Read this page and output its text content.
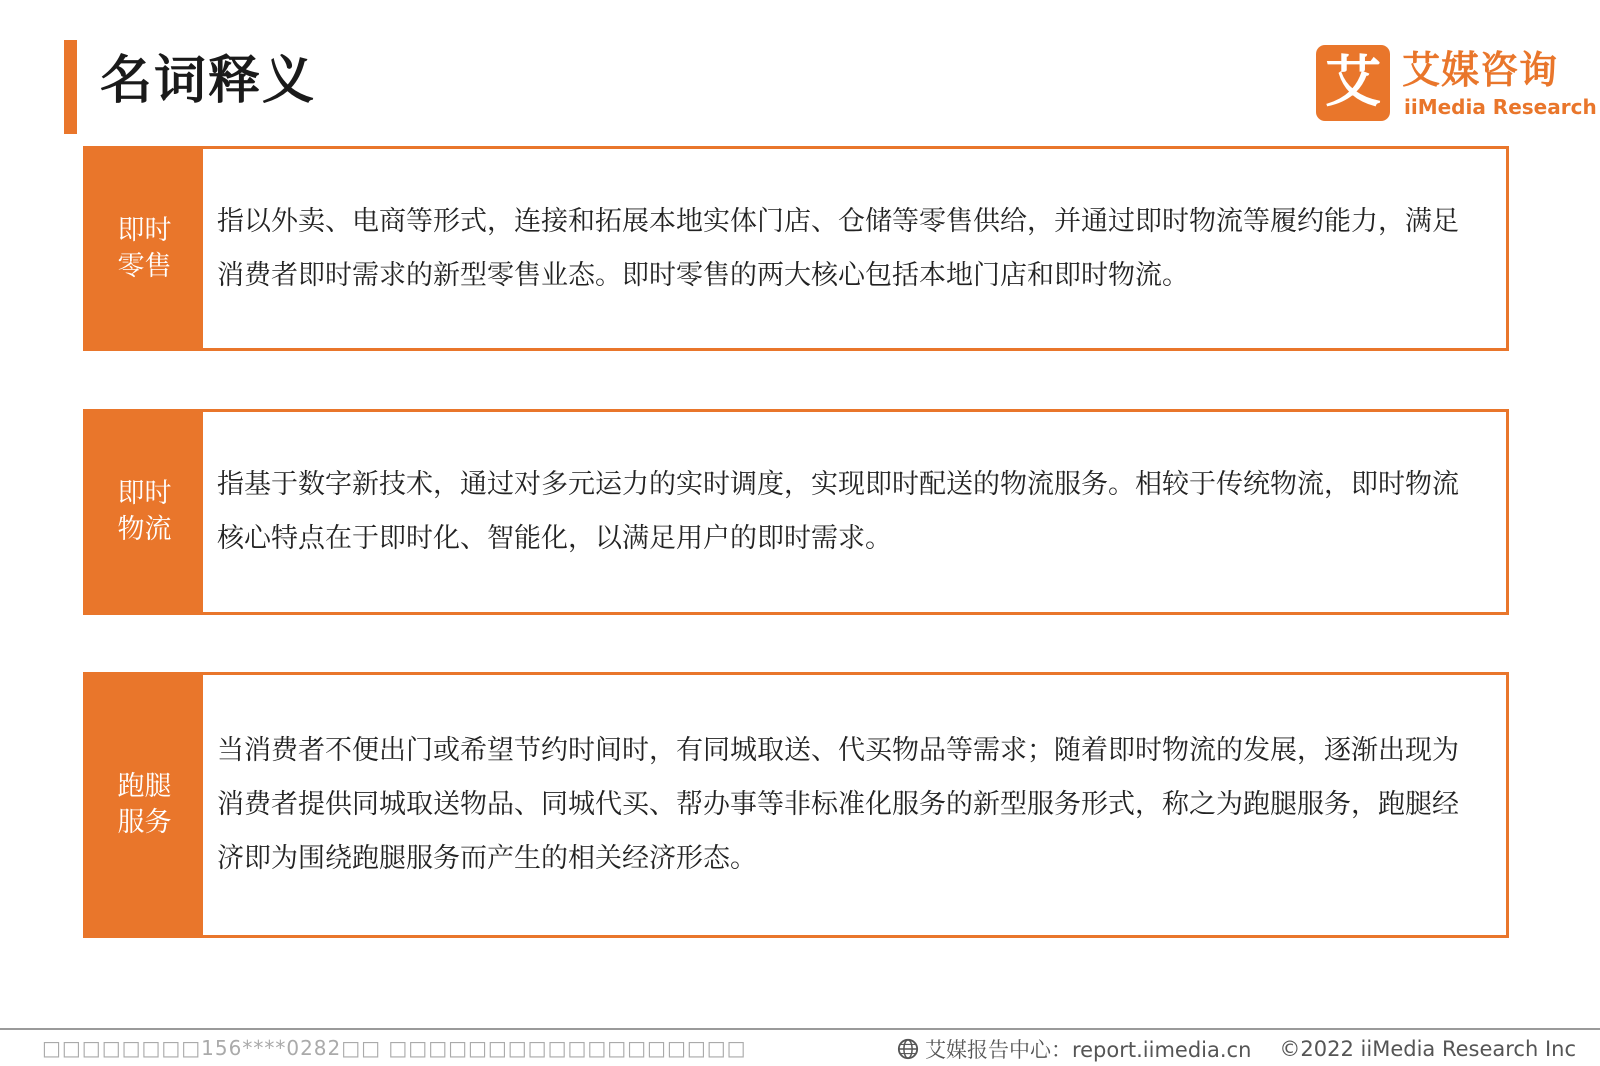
名词释义	艾 艾媒咨询
iiMedia Research
即时零售

指以外卖、电商等形式，连接和拓展本地实体门店、仓储等零售供给，并通过即时物流等履约能力，满足消费者即时需求的新型零售业态。即时零售的两大核心包括本地门店和即时物流。

即时物流

指基于数字新技术，通过对多元运力的实时调度，实现即时配送的物流服务。相较于传统物流，即时物流核心特点在于即时化、智能化，以满足用户的即时需求。

跑腿服务

当消费者不便出门或希望节约时间时，有同城取送、代买物品等需求；随着即时物流的发展，逐渐出现为消费者提供同城取送物品、同城代买、帮办事等非标准化服务的新型服务形式，称之为跑腿服务，跑腿经济即为围绕跑腿服务而产生的相关经济形态。

□□□□□□□□156****0282□□ □□□□□□□□□□□□□□□□□□	艾媒报告中心：report.iimedia.cn ©2022 iiMedia Research Inc
